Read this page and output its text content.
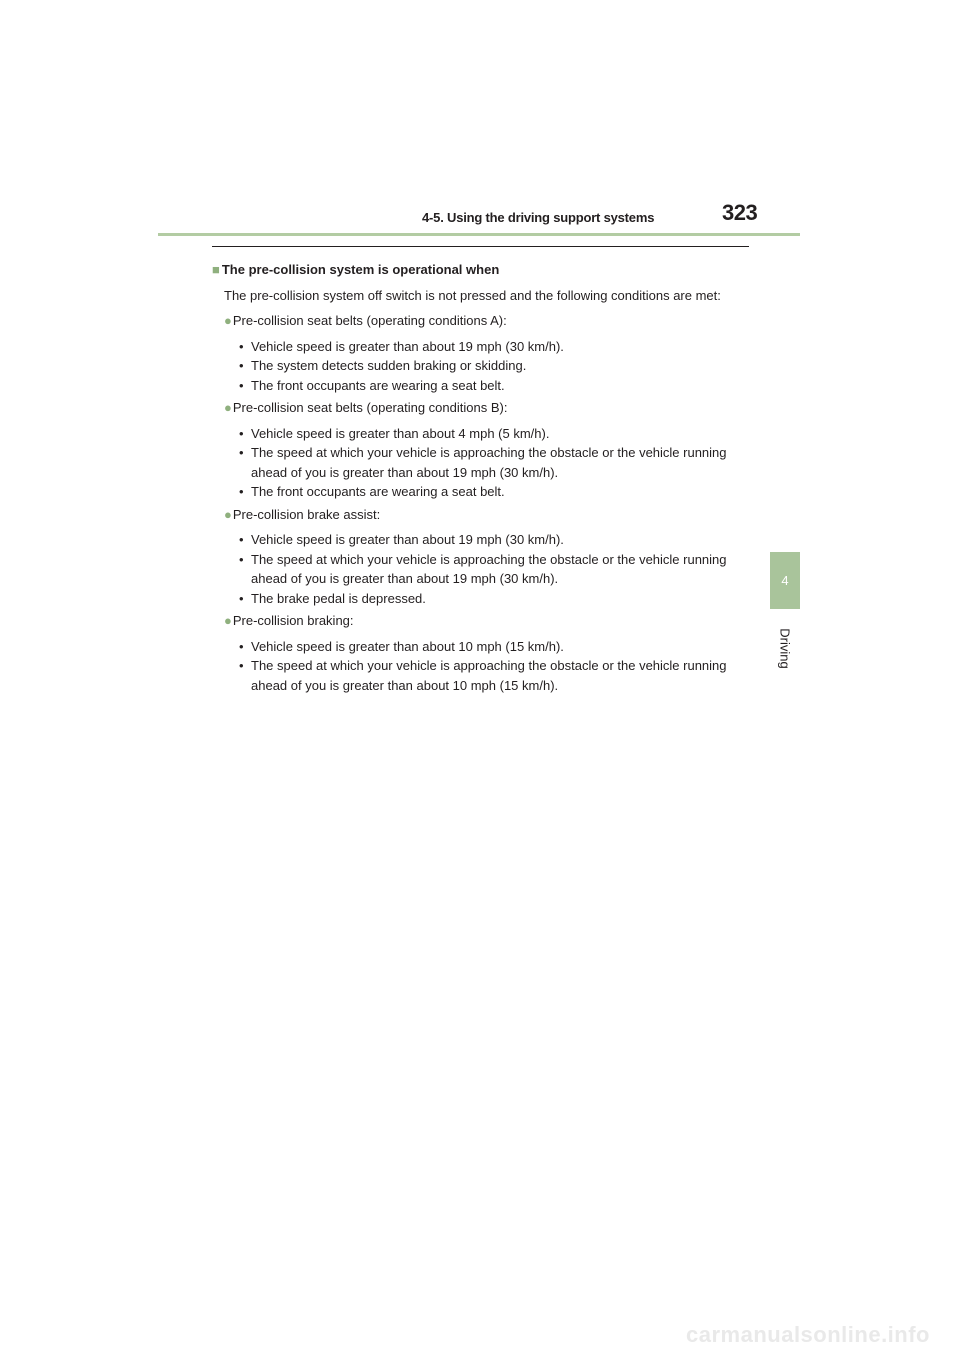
4-5. Using the driving support systems	323
4
Driving

■ The pre-collision system is operational when

The pre-collision system off switch is not pressed and the following conditions are met:

●Pre-collision seat belts (operating conditions A):

• Vehicle speed is greater than about 19 mph (30 km/h).
• The system detects sudden braking or skidding.
• The front occupants are wearing a seat belt.

●Pre-collision seat belts (operating conditions B):

• Vehicle speed is greater than about 4 mph (5 km/h).
• The speed at which your vehicle is approaching the obstacle or the vehicle running ahead of you is greater than about 19 mph (30 km/h).
• The front occupants are wearing a seat belt.

●Pre-collision brake assist:

• Vehicle speed is greater than about 19 mph (30 km/h).
• The speed at which your vehicle is approaching the obstacle or the vehicle running ahead of you is greater than about 19 mph (30 km/h).
• The brake pedal is depressed.

●Pre-collision braking:

• Vehicle speed is greater than about 10 mph (15 km/h).
• The speed at which your vehicle is approaching the obstacle or the vehicle running ahead of you is greater than about 10 mph (15 km/h).
carmanualsonline.info
